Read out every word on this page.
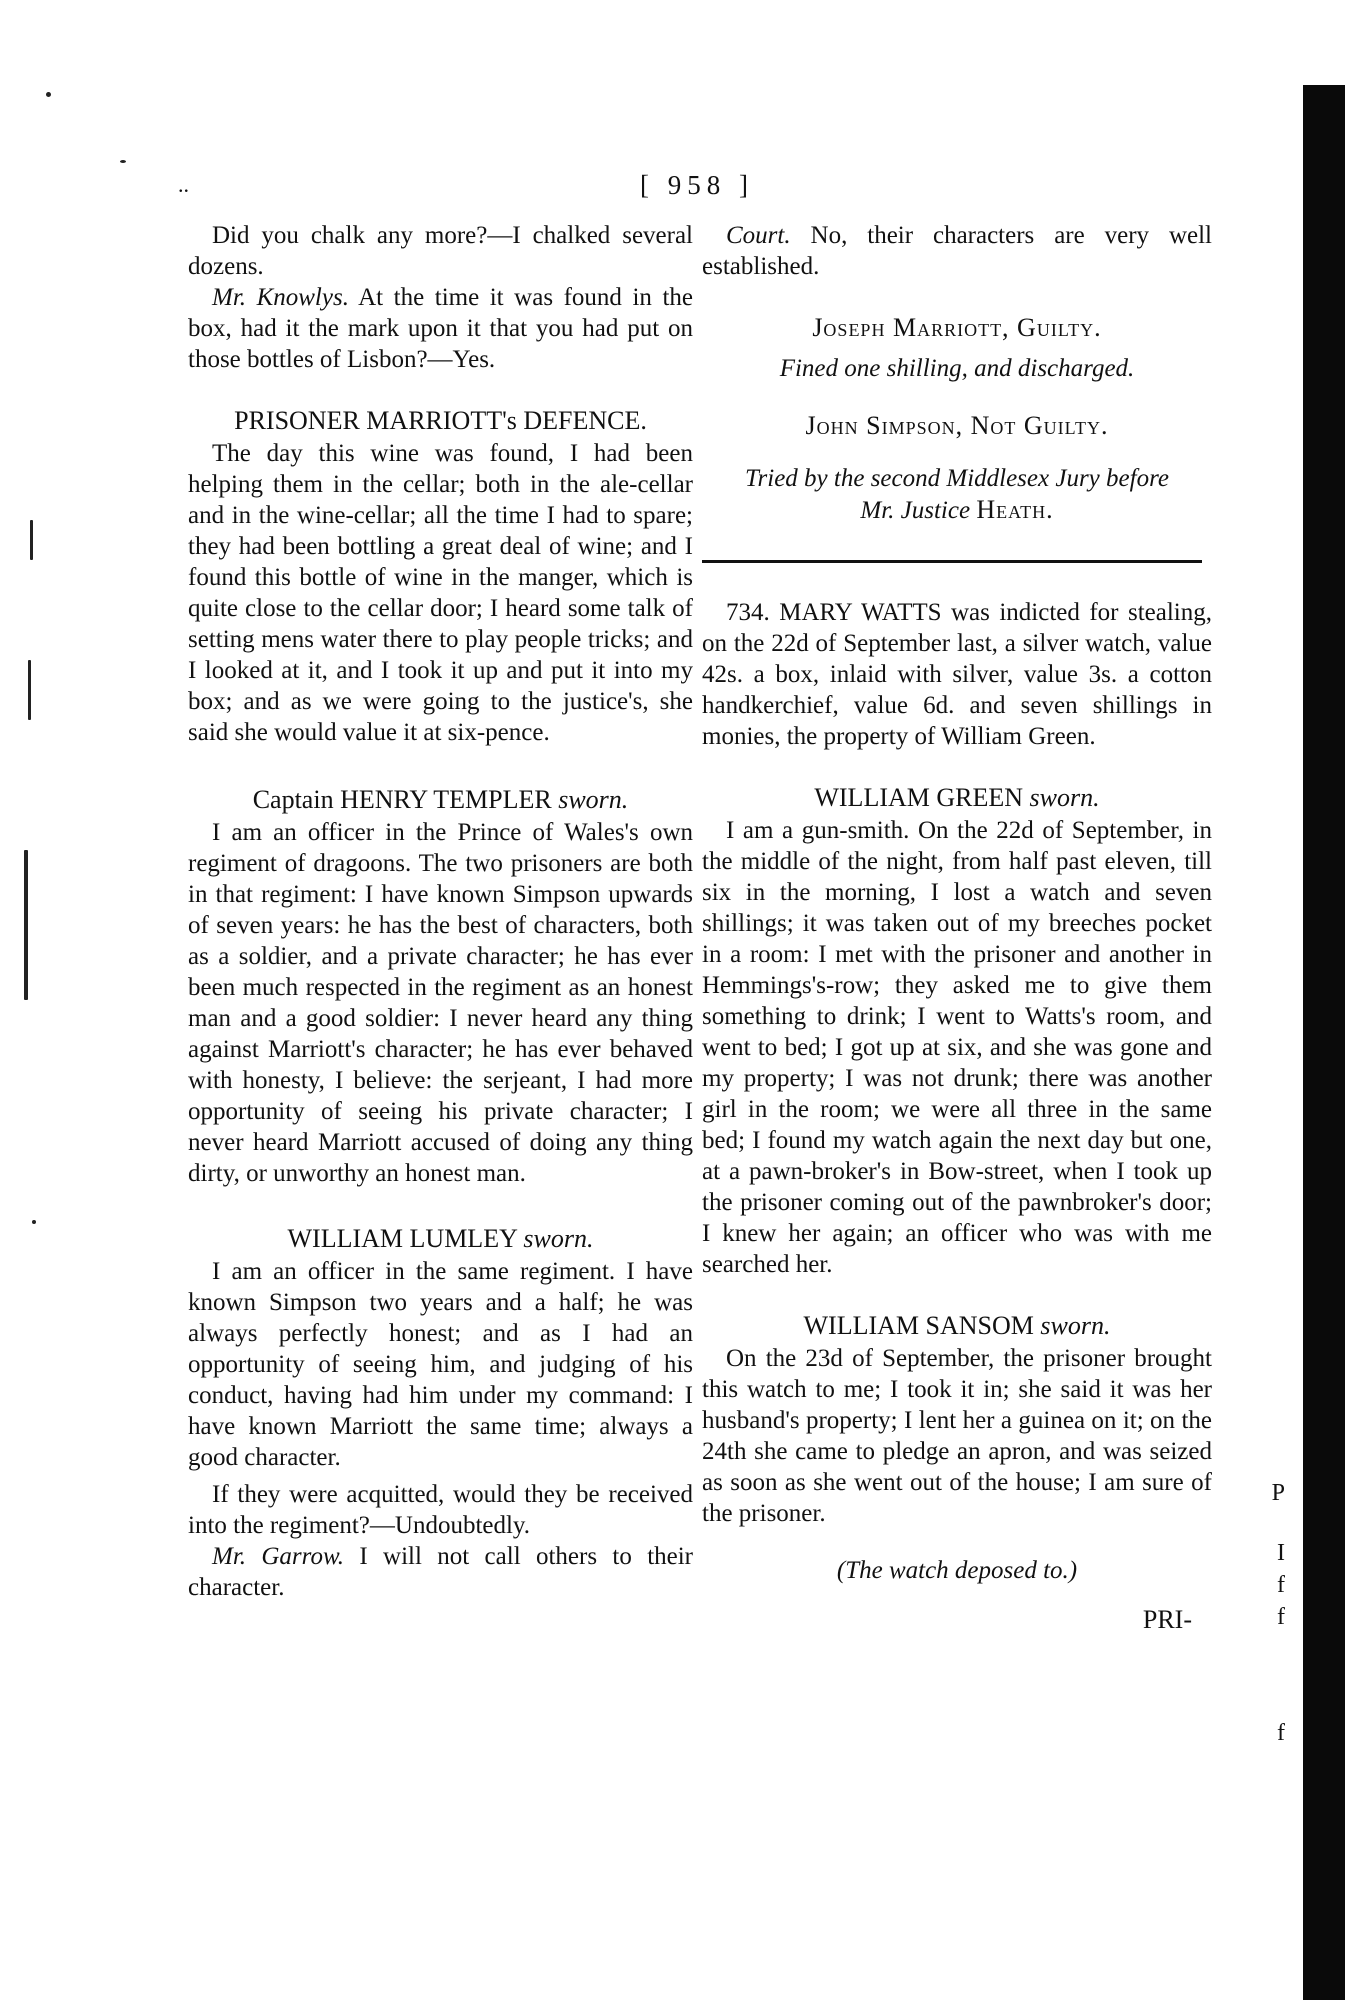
..	[ 958 ]

Did you chalk any more?—I chalked several dozens.

Mr. Knowlys. At the time it was found in the box, had it the mark upon it that you had put on those bottles of Lisbon?—Yes.

PRISONER MARRIOTT's DEFENCE.

The day this wine was found, I had been helping them in the cellar; both in the ale-cellar and in the wine-cellar; all the time I had to spare; they had been bottling a great deal of wine; and I found this bottle of wine in the manger, which is quite close to the cellar door; I heard some talk of setting mens water there to play people tricks; and I looked at it, and I took it up and put it into my box; and as we were going to the justice's, she said she would value it at six-pence.

Captain HENRY TEMPLER sworn.

I am an officer in the Prince of Wales's own regiment of dragoons. The two prisoners are both in that regiment: I have known Simpson upwards of seven years: he has the best of characters, both as a soldier, and a private character; he has ever been much respected in the regiment as an honest man and a good soldier: I never heard any thing against Marriott's character; he has ever behaved with honesty, I believe: the serjeant, I had more opportunity of seeing his private character; I never heard Marriott accused of doing any thing dirty, or unworthy an honest man.

WILLIAM LUMLEY sworn.

I am an officer in the same regiment. I have known Simpson two years and a half; he was always perfectly honest; and as I had an opportunity of seeing him, and judging of his conduct, having had him under my command: I have known Marriott the same time; always a good character.

If they were acquitted, would they be received into the regiment?—Undoubtedly.

Mr. Garrow. I will not call others to their character.

Court. No, their characters are very well established.

Joseph Marriott, Guilty.
Fined one shilling, and discharged.
John Simpson, Not Guilty.
Tried by the second Middlesex Jury before
Mr. Justice Heath.

734. MARY WATTS was indicted for stealing, on the 22d of September last, a silver watch, value 42s. a box, inlaid with silver, value 3s. a cotton handkerchief, value 6d. and seven shillings in monies, the property of William Green.

WILLIAM GREEN sworn.

I am a gun-smith. On the 22d of September, in the middle of the night, from half past eleven, till six in the morning, I lost a watch and seven shillings; it was taken out of my breeches pocket in a room: I met with the prisoner and another in Hemmings's-row; they asked me to give them something to drink; I went to Watts's room, and went to bed; I got up at six, and she was gone and my property; I was not drunk; there was another girl in the room; we were all three in the same bed; I found my watch again the next day but one, at a pawn-broker's in Bow-street, when I took up the prisoner coming out of the pawnbroker's door; I knew her again; an officer who was with me searched her.

WILLIAM SANSOM sworn.

On the 23d of September, the prisoner brought this watch to me; I took it in; she said it was her husband's property; I lent her a guinea on it; on the 24th she came to pledge an apron, and was seized as soon as she went out of the house; I am sure of the prisoner.

(The watch deposed to.)
PRI-
P
I
f
f
f
